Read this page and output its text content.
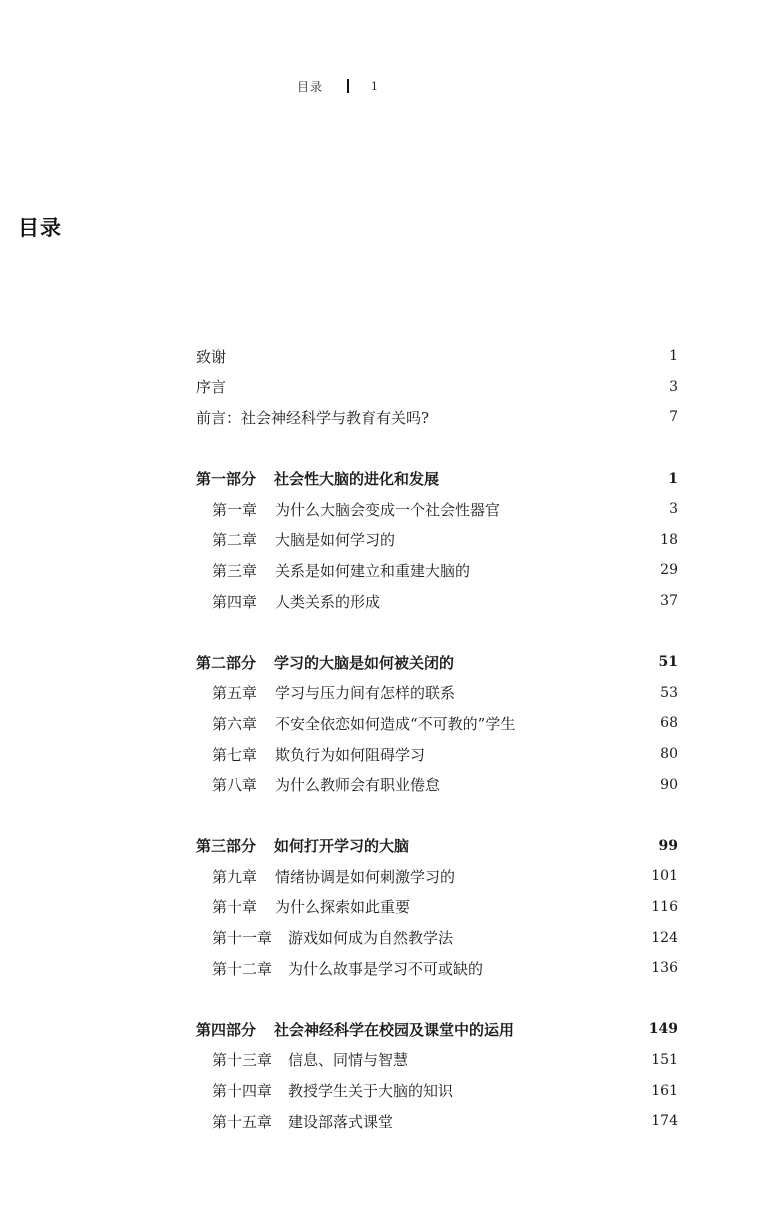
目录	1
目录
致谢	1
序言	3
前言：社会神经科学与教育有关吗?	7
第一部分 社会性大脑的进化和发展	1
第一章 为什么大脑会变成一个社会性器官	3
第二章 大脑是如何学习的	18
第三章 关系是如何建立和重建大脑的	29
第四章 人类关系的形成	37
第二部分 学习的大脑是如何被关闭的	51
第五章 学习与压力间有怎样的联系	53
第六章 不安全依恋如何造成“不可教的”学生	68
第七章 欺负行为如何阻碍学习	80
第八章 为什么教师会有职业倦怠	90
第三部分 如何打开学习的大脑	99
第九章 情绪协调是如何刺激学习的	101
第十章 为什么探索如此重要	116
第十一章 游戏如何成为自然教学法	124
第十二章 为什么故事是学习不可或缺的	136
第四部分 社会神经科学在校园及课堂中的运用	149
第十三章 信息、同情与智慧	151
第十四章 教授学生关于大脑的知识	161
第十五章 建设部落式课堂	174
